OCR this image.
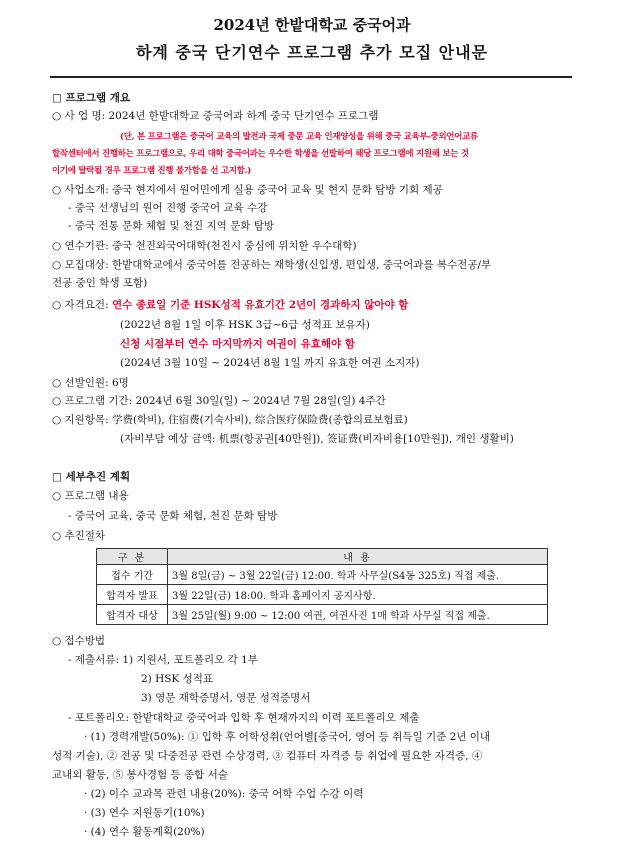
2024년 한밭대학교 중국어과
하계 중국 단기연수 프로그램 추가 모집 안내문
□ 프로그램 개요
○ 사 업 명: 2024년 한밭대학교 중국어과 하계 중국 단기연수 프로그램
(단, 본 프로그램은 중국어 교육의 발전과 국제 중문 교육 인재양성을 위해 중국 교육부-중외언어교류
합작센터에서 진행하는 프로그램으로, 우리 대학 중국어과는 우수한 학생을 선발하여 해당 프로그램에 지원해 보는 것
이기에 탈락될 경우 프로그램 진행 불가함을 선 고지함.)
○ 사업소개: 중국 현지에서 원어민에게 실용 중국어 교육 및 현지 문화 탐방 기회 제공
- 중국 선생님의 원어 진행 중국어 교육 수강
- 중국 전통 문화 체험 및 천진 지역 문화 탐방
○ 연수기관: 중국 천진외국어대학(천진시 중심에 위치한 우수대학)
○ 모집대상: 한밭대학교에서 중국어를 전공하는 재학생(신입생, 편입생, 중국어과를 복수전공/부
전공 중인 학생 포함)
○ 자격요건: 연수 종료일 기준 HSK성적 유효기간 2년이 경과하지 않아야 함
(2022년 8월 1일 이후 HSK 3급~6급 성적표 보유자)
신청 시점부터 연수 마지막까지 여권이 유효해야 함
(2024년 3월 10일 ~ 2024년 8월 1일 까지 유효한 여권 소지자)
○ 선발인원: 6명
○ 프로그램 기간: 2024년 6월 30일(일) ~ 2024년 7월 28일(일) 4주간
○ 지원항목: 学费(학비), 住宿费(기숙사비), 综合医疗保险费(종합의료보험료)
(자비부담 예상 금액: 机票(항공권[40만원]), 签证费(비자비용[10만원]), 개인 생활비)
□ 세부추진 계획
○ 프로그램 내용
- 중국어 교육, 중국 문화 체험, 천진 문화 탐방
○ 추진절차
구 분	내 용
접수 기간	3월 8일(금) ~ 3월 22일(금) 12:00. 학과 사무실(S4동 325호) 직접 제출.
합격자 발표	3월 22일(금) 18:00. 학과 홈페이지 공지사항.
합격자 대상	3월 25일(월) 9:00 ~ 12:00 여권, 여권사진 1매 학과 사무실 직접 제출.
○ 접수방법
- 제출서류: 1) 지원서, 포트폴리오 각 1부
2) HSK 성적표
3) 영문 재학증명서, 영문 성적증명서
- 포트폴리오: 한밭대학교 중국어과 입학 후 현재까지의 이력 포트폴리오 제출
· (1) 경력개발(50%): ① 입학 후 어학성취(언어별[중국어, 영어 등 취득일 기준 2년 이내
성적 기술), ② 전공 및 다중전공 관련 수상경력, ③ 컴퓨터 자격증 등 취업에 필요한 자격증, ④
교내외 활동, ⑤ 봉사경험 등 종합 서술
· (2) 이수 교과목 관련 내용(20%): 중국 어학 수업 수강 이력
· (3) 연수 지원동기(10%)
· (4) 연수 활동계획(20%)
